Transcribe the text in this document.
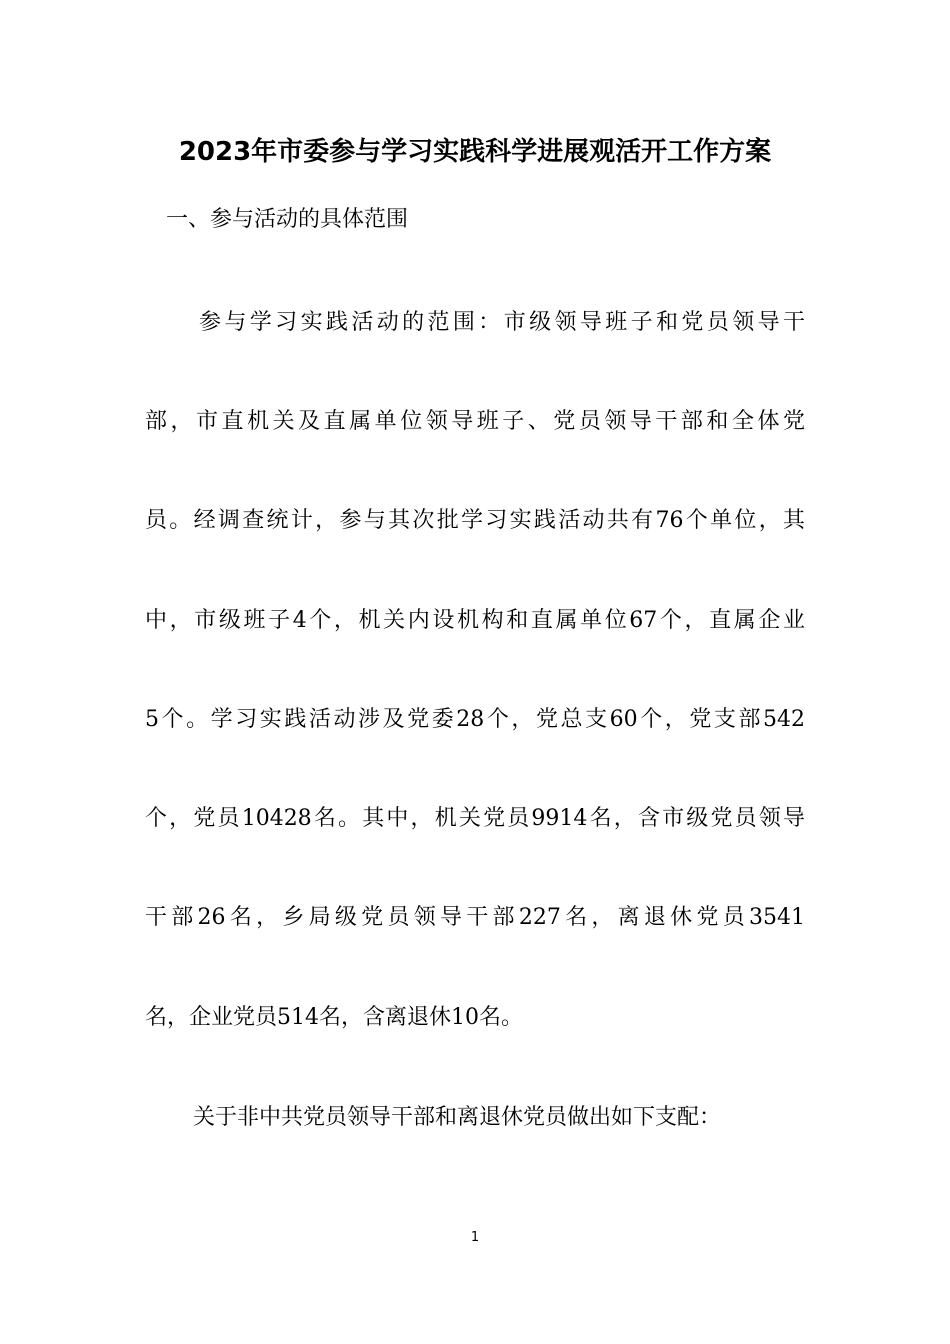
2023年市委参与学习实践科学进展观活开工作方案
一、参与活动的具体范围
参与学习实践活动的范围：市级领导班子和党员领导干
部，市直机关及直属单位领导班子、党员领导干部和全体党
员。经调查统计，参与其次批学习实践活动共有76个单位，其
中，市级班子4个，机关内设机构和直属单位67个，直属企业
5个。学习实践活动涉及党委28个，党总支60个，党支部542
个，党员10428名。其中，机关党员9914名，含市级党员领导
干部26名，乡局级党员领导干部227名，离退休党员3541
名，企业党员514名，含离退休10名。
关于非中共党员领导干部和离退休党员做出如下支配：
1
